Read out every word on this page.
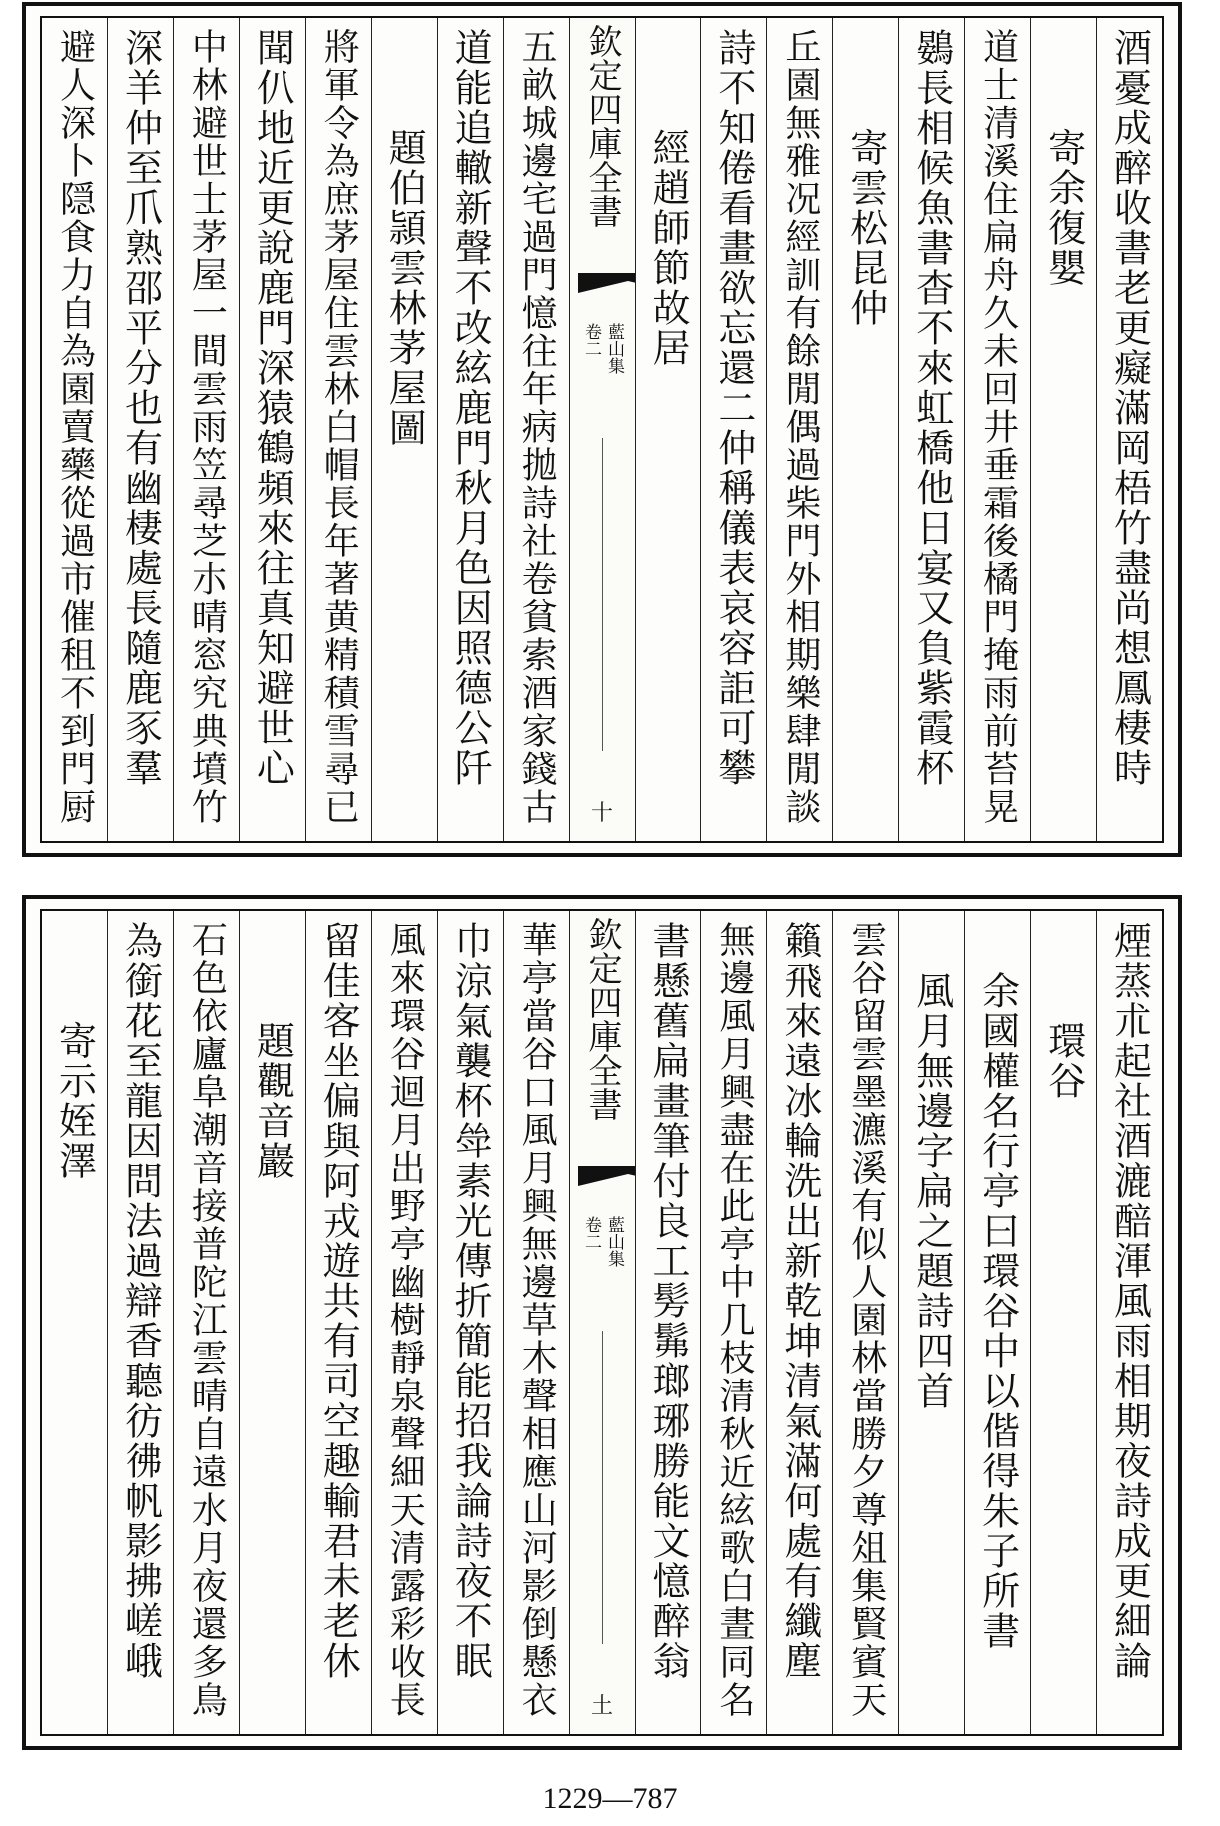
酒憂成醉收書老更癡滿岡梧竹盡尚想鳳棲時
寄余復嬰
道士清溪住扁舟久未回井垂霜後橘門掩雨前苔晃
鷃長相候魚書杳不來虹橋他日宴又負紫霞杯
寄雲松昆仲
丘園無雅况經訓有餘閒偶過柴門外相期樂肆閒談
詩不知倦看畫欲忘還二仲稱儀表哀容詎可攀
經趙師節故居
欽定四庫全書
藍山集
卷二
十
五畝城邊宅過門憶往年病拋詩社卷貧索酒家錢古
道能追轍新聲不改絃鹿門秋月色因照德公阡
題伯頴雲林茅屋圖
將軍令為庶茅屋住雲林白帽長年著黄精積雪尋已
聞仈地近更說鹿門深猿鶴頻來往真知避世心
中林避世士茅屋一間雲雨笠尋芝朩晴窓究典墳竹
深羊仲至爪熟邵平分也有幽棲處長隨鹿豕羣
避人深卜隠食力自為園賣藥從過市催租不到門厨
煙蒸朮起社酒漉醅渾風雨相期夜詩成更細論
環谷
余國權名行亭曰環谷中以偕得朱子所書
風月無邊字扁之題詩四首
雲谷留雲墨瀌溪有似人園林當勝夕尊俎集賢賓天
籟飛來遠冰輪洗出新乾坤清氣滿何處有纖塵
無邊風月興盡在此亭中几枝清秋近絃歌白晝同名
書懸舊扁畫筆付良工髣髴瑯琊勝能文憶醉翁
欽定四庫全書
藍山集
卷二
土
華亭當谷口風月興無邊草木聲相應山河影倒懸衣
巾涼氣襲杯斚素光傳折簡能招我論詩夜不眠
風來環谷迴月出野亭幽樹靜泉聲細天清露彩收長
留佳客坐偏與阿戎遊共有司空趣輸君未老休
題觀音巖
石色依廬阜潮音接普陀江雲晴自遠水月夜還多鳥
為銜花至龍因問法過辯香聽彷彿帆影拂嵯峨
寄示姪澤
1229—787
